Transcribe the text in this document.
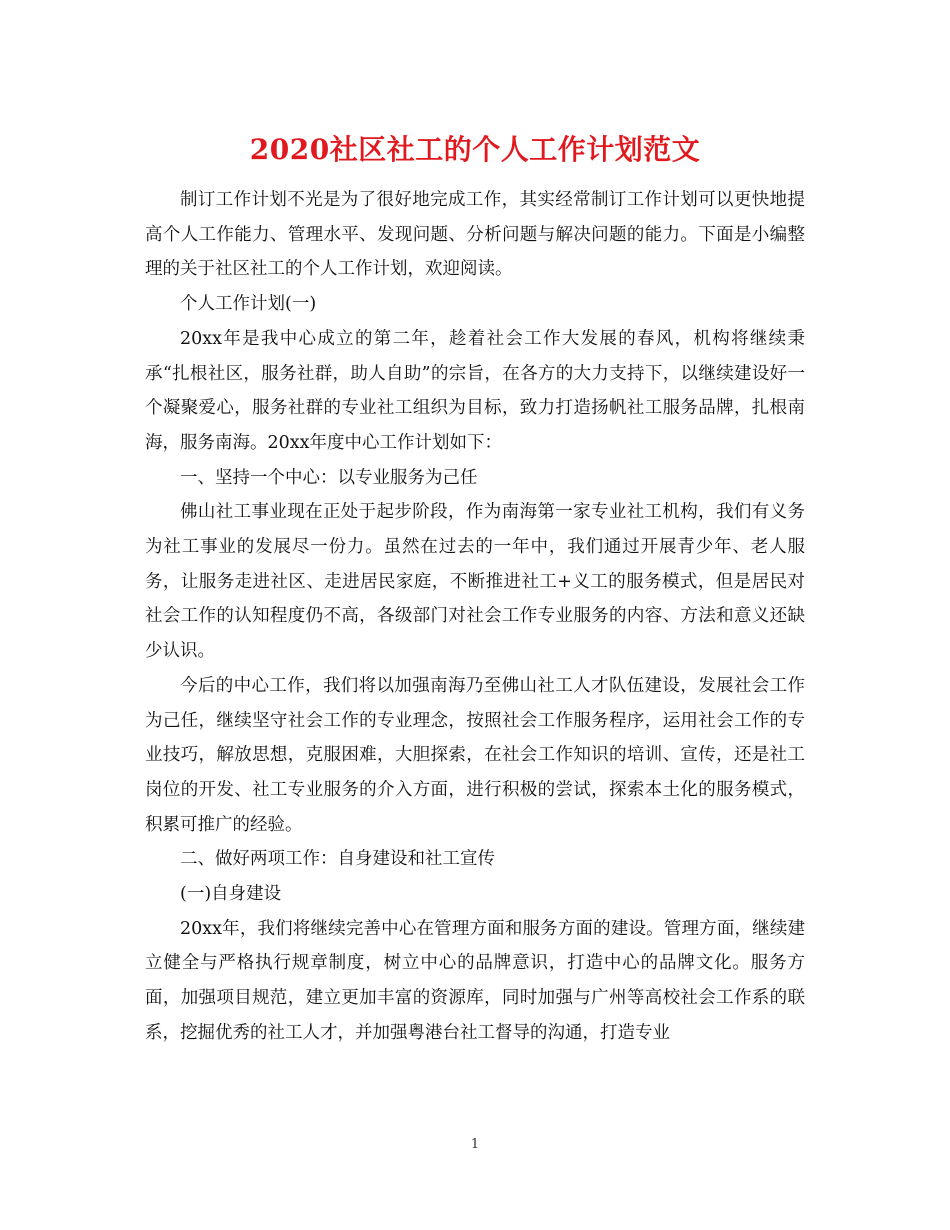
2020社区社工的个人工作计划范文

制订工作计划不光是为了很好地完成工作，其实经常制订工作计划可以更快地提高个人工作能力、管理水平、发现问题、分析问题与解决问题的能力。下面是小编整理的关于社区社工的个人工作计划，欢迎阅读。

个人工作计划(一)

20xx年是我中心成立的第二年，趁着社会工作大发展的春风，机构将继续秉承“扎根社区，服务社群，助人自助”的宗旨，在各方的大力支持下，以继续建设好一个凝聚爱心，服务社群的专业社工组织为目标，致力打造扬帆社工服务品牌，扎根南海，服务南海。20xx年度中心工作计划如下：

一、坚持一个中心：以专业服务为己任

佛山社工事业现在正处于起步阶段，作为南海第一家专业社工机构，我们有义务为社工事业的发展尽一份力。虽然在过去的一年中，我们通过开展青少年、老人服务，让服务走进社区、走进居民家庭，不断推进社工+义工的服务模式，但是居民对社会工作的认知程度仍不高，各级部门对社会工作专业服务的内容、方法和意义还缺少认识。

今后的中心工作，我们将以加强南海乃至佛山社工人才队伍建设，发展社会工作为己任，继续坚守社会工作的专业理念，按照社会工作服务程序，运用社会工作的专业技巧，解放思想，克服困难，大胆探索，在社会工作知识的培训、宣传，还是社工岗位的开发、社工专业服务的介入方面，进行积极的尝试，探索本土化的服务模式，积累可推广的经验。

二、做好两项工作：自身建设和社工宣传

(一)自身建设

20xx年，我们将继续完善中心在管理方面和服务方面的建设。管理方面，继续建立健全与严格执行规章制度，树立中心的品牌意识，打造中心的品牌文化。服务方面，加强项目规范，建立更加丰富的资源库，同时加强与广州等高校社会工作系的联系，挖掘优秀的社工人才，并加强粤港台社工督导的沟通，打造专业

1
